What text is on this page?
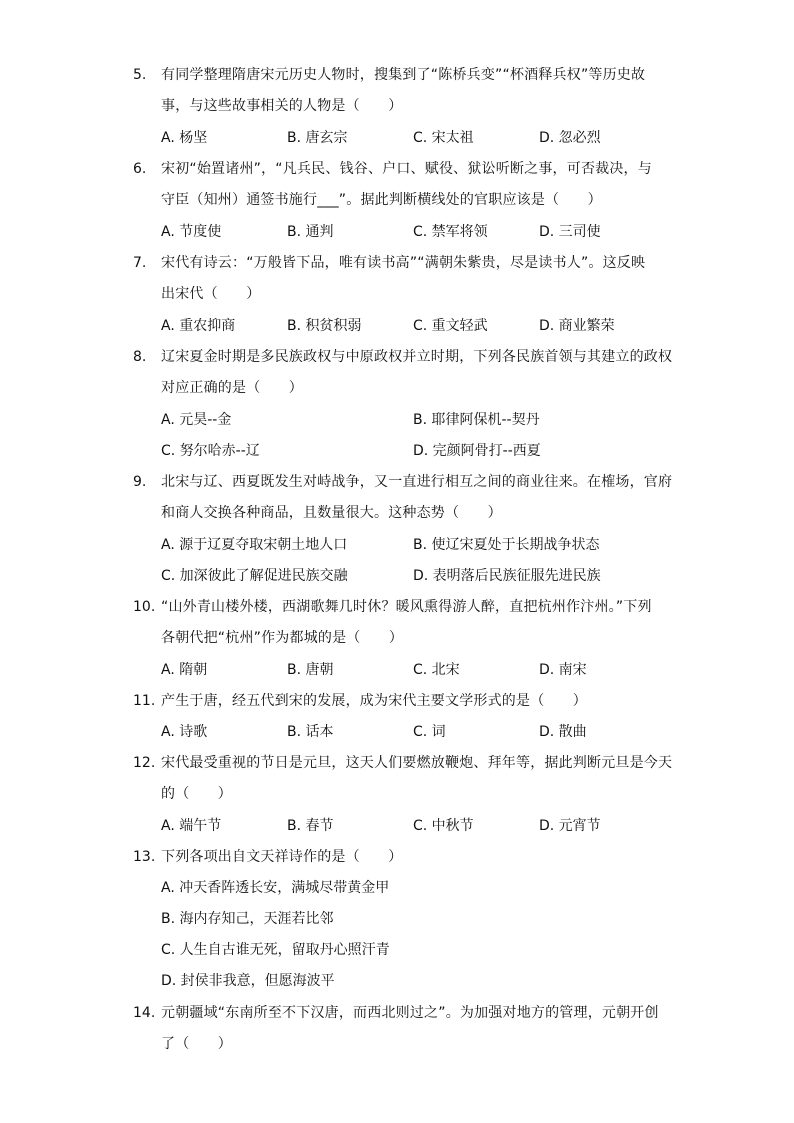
5. 有同学整理隋唐宋元历史人物时，搜集到了“陈桥兵变”“杯酒释兵权”等历史故
事，与这些故事相关的人物是（　　）
A. 杨坚	B. 唐玄宗	C. 宋太祖	D. 忽必烈
6. 宋初“始置诸州”，“凡兵民、钱谷、户口、赋役、狱讼听断之事，可否裁决，与
守臣（知州）通签书施行___”。据此判断横线处的官职应该是（　　）
A. 节度使	B. 通判	C. 禁军将领	D. 三司使
7. 宋代有诗云：“万般皆下品，唯有读书高”“满朝朱紫贵，尽是读书人”。这反映
出宋代（　　）
A. 重农抑商	B. 积贫积弱	C. 重文轻武	D. 商业繁荣
8. 辽宋夏金时期是多民族政权与中原政权并立时期，下列各民族首领与其建立的政权
对应正确的是（　　）
A. 元昊--金	B. 耶律阿保机--契丹
C. 努尔哈赤--辽	D. 完颜阿骨打--西夏
9. 北宋与辽、西夏既发生对峙战争，又一直进行相互之间的商业往来。在榷场，官府
和商人交换各种商品，且数量很大。这种态势（　　）
A. 源于辽夏夺取宋朝土地人口	B. 使辽宋夏处于长期战争状态
C. 加深彼此了解促进民族交融	D. 表明落后民族征服先进民族
10. “山外青山楼外楼，西湖歌舞几时休？暖风熏得游人醉，直把杭州作汴州。”下列
各朝代把“杭州”作为都城的是（　　）
A. 隋朝	B. 唐朝	C. 北宋	D. 南宋
11. 产生于唐，经五代到宋的发展，成为宋代主要文学形式的是（　　）
A. 诗歌	B. 话本	C. 词	D. 散曲
12. 宋代最受重视的节日是元旦，这天人们要燃放鞭炮、拜年等，据此判断元旦是今天
的（　　）
A. 端午节	B. 春节	C. 中秋节	D. 元宵节
13. 下列各项出自文天祥诗作的是（　　）
A. 冲天香阵透长安，满城尽带黄金甲
B. 海内存知己，天涯若比邻
C. 人生自古谁无死，留取丹心照汗青
D. 封侯非我意，但愿海波平
14. 元朝疆域“东南所至不下汉唐，而西北则过之”。为加强对地方的管理，元朝开创
了（　　）
